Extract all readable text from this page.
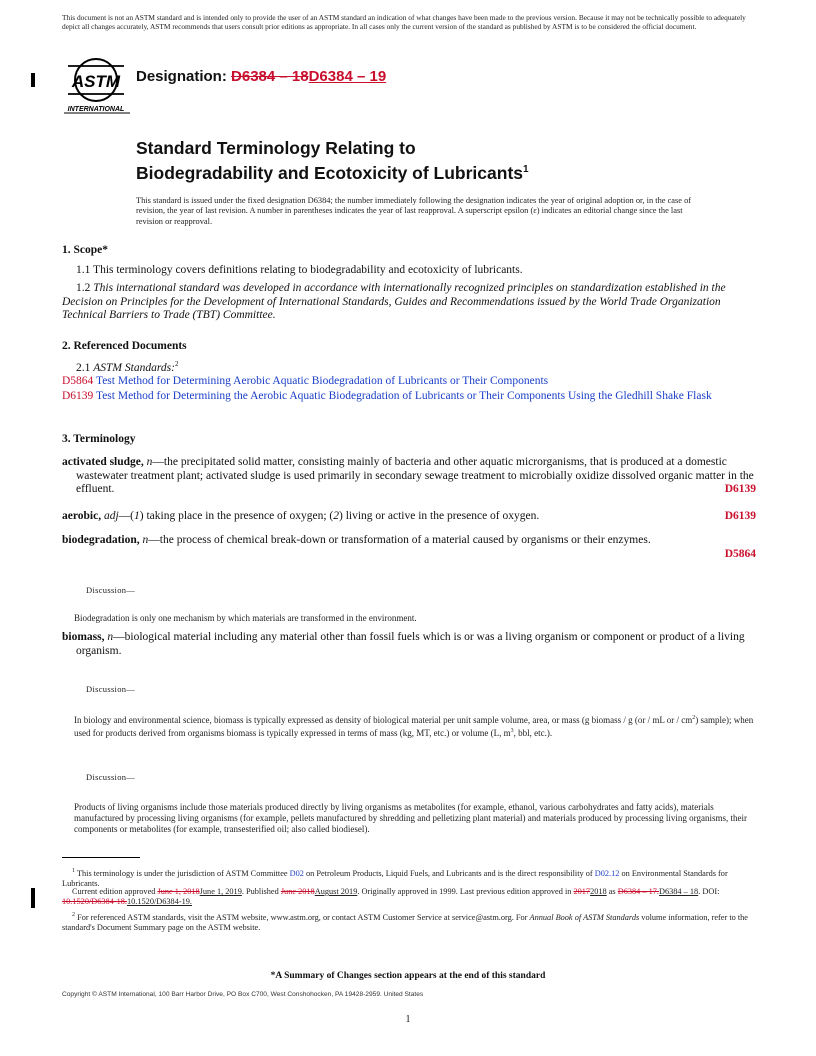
This document is not an ASTM standard and is intended only to provide the user of an ASTM standard an indication of what changes have been made to the previous version. Because it may not be technically possible to adequately depict all changes accurately, ASTM recommends that users consult prior editions as appropriate. In all cases only the current version of the standard as published by ASTM is to be considered the official document.
ASTM
INTERNATIONAL
Designation: D6384 – 18D6384 – 19
Standard Terminology Relating to
Biodegradability and Ecotoxicity of Lubricants$^1$
This standard is issued under the fixed designation D6384; the number immediately following the designation indicates the year of original adoption or, in the case of revision, the year of last revision. A number in parentheses indicates the year of last reapproval. A superscript epsilon (ε) indicates an editorial change since the last revision or reapproval.
1. Scope*
1.1 This terminology covers definitions relating to biodegradability and ecotoxicity of lubricants.
1.2 This international standard was developed in accordance with internationally recognized principles on standardization established in the Decision on Principles for the Development of International Standards, Guides and Recommendations issued by the World Trade Organization Technical Barriers to Trade (TBT) Committee.
2. Referenced Documents
2.1 ASTM Standards:$^2$
D5864 Test Method for Determining Aerobic Aquatic Biodegradation of Lubricants or Their Components
D6139 Test Method for Determining the Aerobic Aquatic Biodegradation of Lubricants or Their Components Using the Gledhill Shake Flask
3. Terminology
activated sludge, n—the precipitated solid matter, consisting mainly of bacteria and other aquatic microrganisms, that is produced at a domestic wastewater treatment plant; activated sludge is used primarily in secondary sewage treatment to microbially oxidize dissolved organic matter in the effluent.	D6139
aerobic, adj—(1) taking place in the presence of oxygen; (2) living or active in the presence of oxygen.	D6139
biodegradation, n—the process of chemical break-down or transformation of a material caused by organisms or their enzymes.
D5864
Discussion—
Biodegradation is only one mechanism by which materials are transformed in the environment.
biomass, n—biological material including any material other than fossil fuels which is or was a living organism or component or product of a living organism.
Discussion—
In biology and environmental science, biomass is typically expressed as density of biological material per unit sample volume, area, or mass (g biomass / g (or / mL or / $cm^2$) sample); when used for products derived from organisms biomass is typically expressed in terms of mass (kg, MT, etc.) or volume (L, $m^3$, bbl, etc.).
Discussion—
Products of living organisms include those materials produced directly by living organisms as metabolites (for example, ethanol, various carbohydrates and fatty acids), materials manufactured by processing living organisms (for example, pellets manufactured by shredding and pelletizing plant material) and materials produced by processing living organisms, their components or metabolites (for example, transesterified oil; also called biodiesel).
$^1$ This terminology is under the jurisdiction of ASTM Committee D02 on Petroleum Products, Liquid Fuels, and Lubricants and is the direct responsibility of D02.12 on Environmental Standards for Lubricants.
Current edition approved June 1, 2018June 1, 2019. Published June 2018August 2019. Originally approved in 1999. Last previous edition approved in 20172018 as D6384 – 17.D6384 – 18. DOI: 10.1520/D6384-18.10.1520/D6384-19.
$^2$ For referenced ASTM standards, visit the ASTM website, www.astm.org, or contact ASTM Customer Service at service@astm.org. For Annual Book of ASTM Standards volume information, refer to the standard's Document Summary page on the ASTM website.
*A Summary of Changes section appears at the end of this standard
Copyright © ASTM International, 100 Barr Harbor Drive, PO Box C700, West Conshohocken, PA 19428-2959. United States
1
